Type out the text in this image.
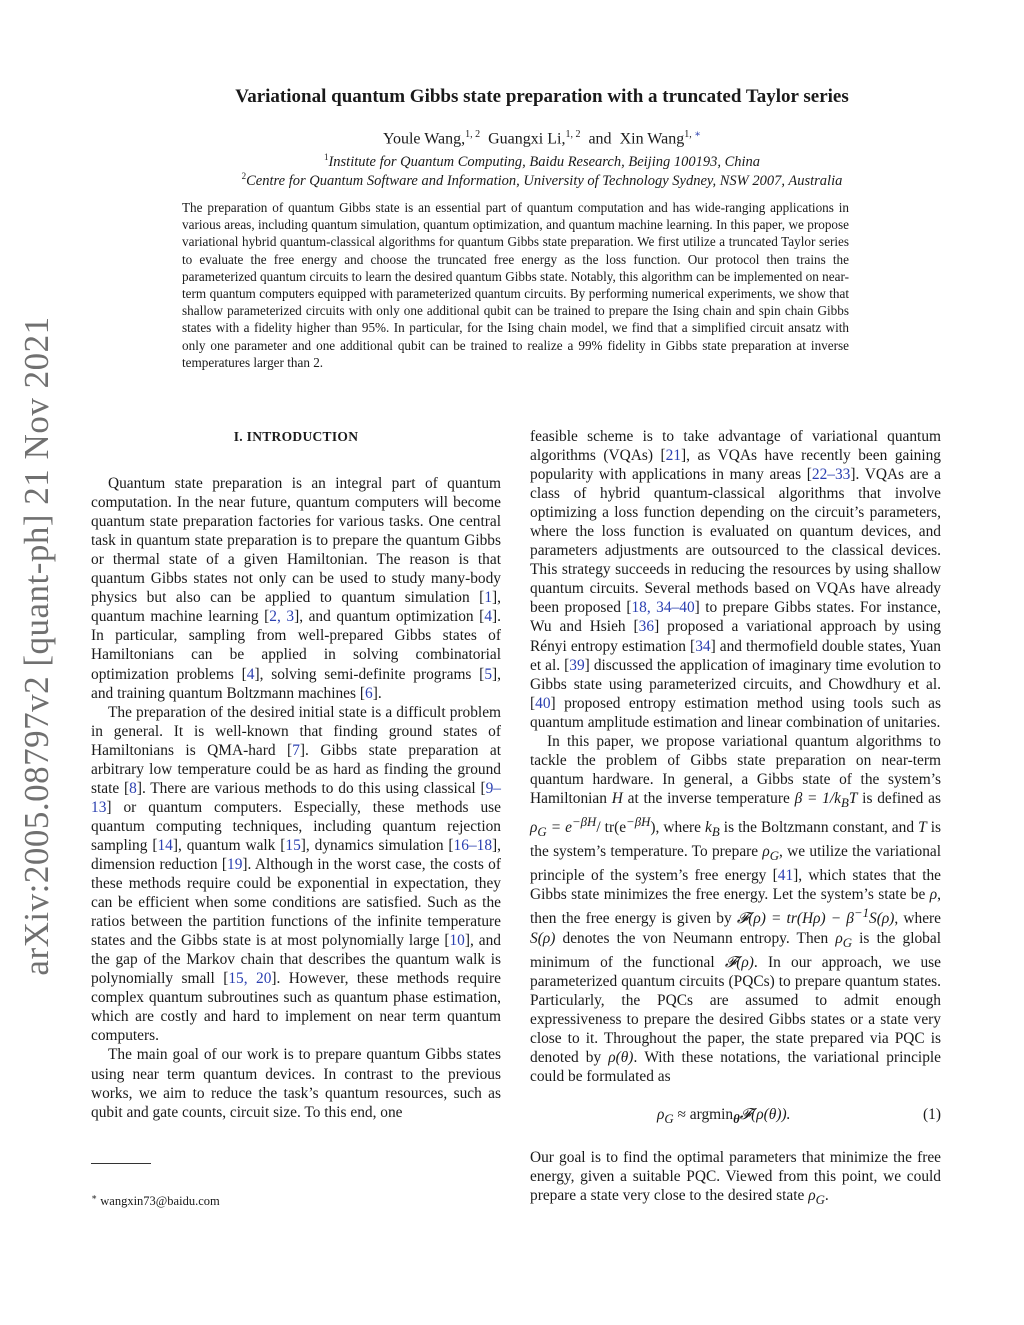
arXiv:2005.08797v2 [quant-ph] 21 Nov 2021
Variational quantum Gibbs state preparation with a truncated Taylor series
Youle Wang,$^{1, 2}$ Guangxi Li,$^{1, 2}$ and Xin Wang$^{1, ∗}$
$^1$Institute for Quantum Computing, Baidu Research, Beijing 100193, China
$^2$Centre for Quantum Software and Information, University of Technology Sydney, NSW 2007, Australia

The preparation of quantum Gibbs state is an essential part of quantum computation and has wide-ranging applications in various areas, including quantum simulation, quantum optimization, and quantum machine learning. In this paper, we propose variational hybrid quantum-classical algorithms for quantum Gibbs state preparation. We first utilize a truncated Taylor series to evaluate the free energy and choose the truncated free energy as the loss function. Our protocol then trains the parameterized quantum circuits to learn the desired quantum Gibbs state. Notably, this algorithm can be implemented on near-term quantum computers equipped with parameterized quantum circuits. By performing numerical experiments, we show that shallow parameterized circuits with only one additional qubit can be trained to prepare the Ising chain and spin chain Gibbs states with a fidelity higher than 95%. In particular, for the Ising chain model, we find that a simplified circuit ansatz with only one parameter and one additional qubit can be trained to realize a 99% fidelity in Gibbs state preparation at inverse temperatures larger than 2.

I. INTRODUCTION

Quantum state preparation is an integral part of quantum computation. In the near future, quantum computers will become quantum state preparation factories for various tasks. One central task in quantum state preparation is to prepare the quantum Gibbs or thermal state of a given Hamiltonian. The reason is that quantum Gibbs states not only can be used to study many-body physics but also can be applied to quantum simulation [1], quantum machine learning [2, 3], and quantum optimization [4]. In particular, sampling from well-prepared Gibbs states of Hamiltonians can be applied in solving combinatorial optimization problems [4], solving semi-definite programs [5], and training quantum Boltzmann machines [6].

The preparation of the desired initial state is a difficult problem in general. It is well-known that finding ground states of Hamiltonians is QMA-hard [7]. Gibbs state preparation at arbitrary low temperature could be as hard as finding the ground state [8]. There are various methods to do this using classical [9–13] or quantum computers. Especially, these methods use quantum computing techniques, including quantum rejection sampling [14], quantum walk [15], dynamics simulation [16–18], dimension reduction [19]. Although in the worst case, the costs of these methods require could be exponential in expectation, they can be efficient when some conditions are satisfied. Such as the ratios between the partition functions of the infinite temperature states and the Gibbs state is at most polynomially large [10], and the gap of the Markov chain that describes the quantum walk is polynomially small [15, 20]. However, these methods require complex quantum subroutines such as quantum phase estimation, which are costly and hard to implement on near term quantum computers.

The main goal of our work is to prepare quantum Gibbs states using near term quantum devices. In contrast to the previous works, we aim to reduce the task’s quantum resources, such as qubit and gate counts, circuit size. To this end, one

feasible scheme is to take advantage of variational quantum algorithms (VQAs) [21], as VQAs have recently been gaining popularity with applications in many areas [22–33]. VQAs are a class of hybrid quantum-classical algorithms that involve optimizing a loss function depending on the circuit’s parameters, where the loss function is evaluated on quantum devices, and parameters adjustments are outsourced to the classical devices. This strategy succeeds in reducing the resources by using shallow quantum circuits. Several methods based on VQAs have already been proposed [18, 34–40] to prepare Gibbs states. For instance, Wu and Hsieh [36] proposed a variational approach by using Rényi entropy estimation [34] and thermofield double states, Yuan et al. [39] discussed the application of imaginary time evolution to Gibbs state using parameterized circuits, and Chowdhury et al. [40] proposed entropy estimation method using tools such as quantum amplitude estimation and linear combination of unitaries.

In this paper, we propose variational quantum algorithms to tackle the problem of Gibbs state preparation on near-term quantum hardware. In general, a Gibbs state of the system’s Hamiltonian H at the inverse temperature $\beta = 1/k_BT$ is defined as $\rho_G = e^{-\beta H}/$ $tr(e^{-\beta H})$, where $k_B$ is the Boltzmann constant, and T is the system’s temperature. To prepare $\rho_G$, we utilize the variational principle of the system’s free energy [41], which states that the Gibbs state minimizes the free energy. Let the system’s state be ρ, then the free energy is given by 𝓕(ρ) = $tr(H\rho) - \beta^{-1}S(\rho)$, where S(ρ) denotes the von Neumann entropy. Then $\rho_G$ is the global minimum of the functional 𝓕(ρ). In our approach, we use parameterized quantum circuits (PQCs) to prepare quantum states. Particularly, the PQCs are assumed to admit enough expressiveness to prepare the desired Gibbs states or a state very close to it. Throughout the paper, the state prepared via PQC is denoted by ρ(θ). With these notations, the variational principle could be formulated as

$\rho_G$ ≈ argmin$_\theta$𝓕(ρ(θ)).	(1)

Our goal is to find the optimal parameters that minimize the free energy, given a suitable PQC. Viewed from this point, we could prepare a state very close to the desired state $\rho_G$.

∗ wangxin73@baidu.com
